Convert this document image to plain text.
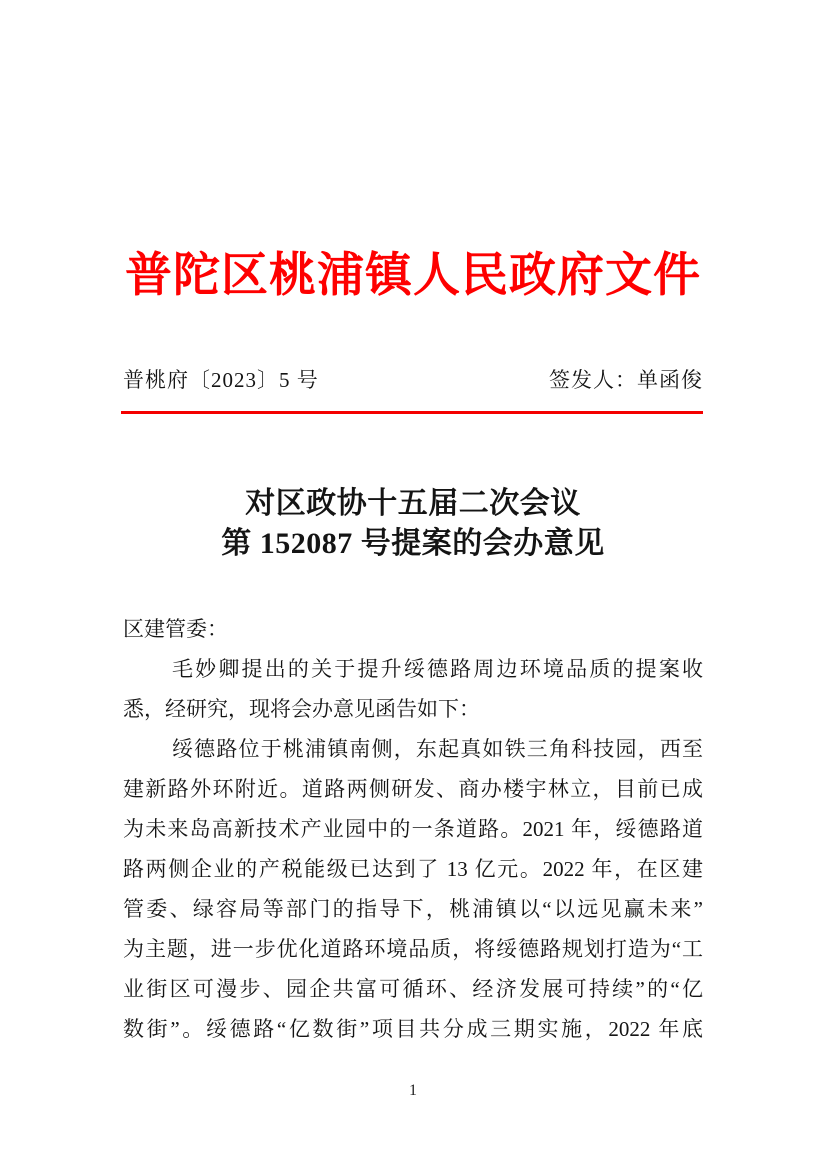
普陀区桃浦镇人民政府文件
普桃府〔2023〕5 号	签发人：单函俊
对区政协十五届二次会议
第 152087 号提案的会办意见
区建管委：
毛妙卿提出的关于提升绥德路周边环境品质的提案收
悉，经研究，现将会办意见函告如下：
绥德路位于桃浦镇南侧，东起真如铁三角科技园，西至
建新路外环附近。道路两侧研发、商办楼宇林立，目前已成
为未来岛高新技术产业园中的一条道路。2021 年，绥德路道
路两侧企业的产税能级已达到了 13 亿元。2022 年，在区建
管委、绿容局等部门的指导下，桃浦镇以“以远见赢未来”
为主题，进一步优化道路环境品质，将绥德路规划打造为“工
业街区可漫步、园企共富可循环、经济发展可持续”的“亿
数街”。绥德路“亿数街”项目共分成三期实施，2022 年底
1
